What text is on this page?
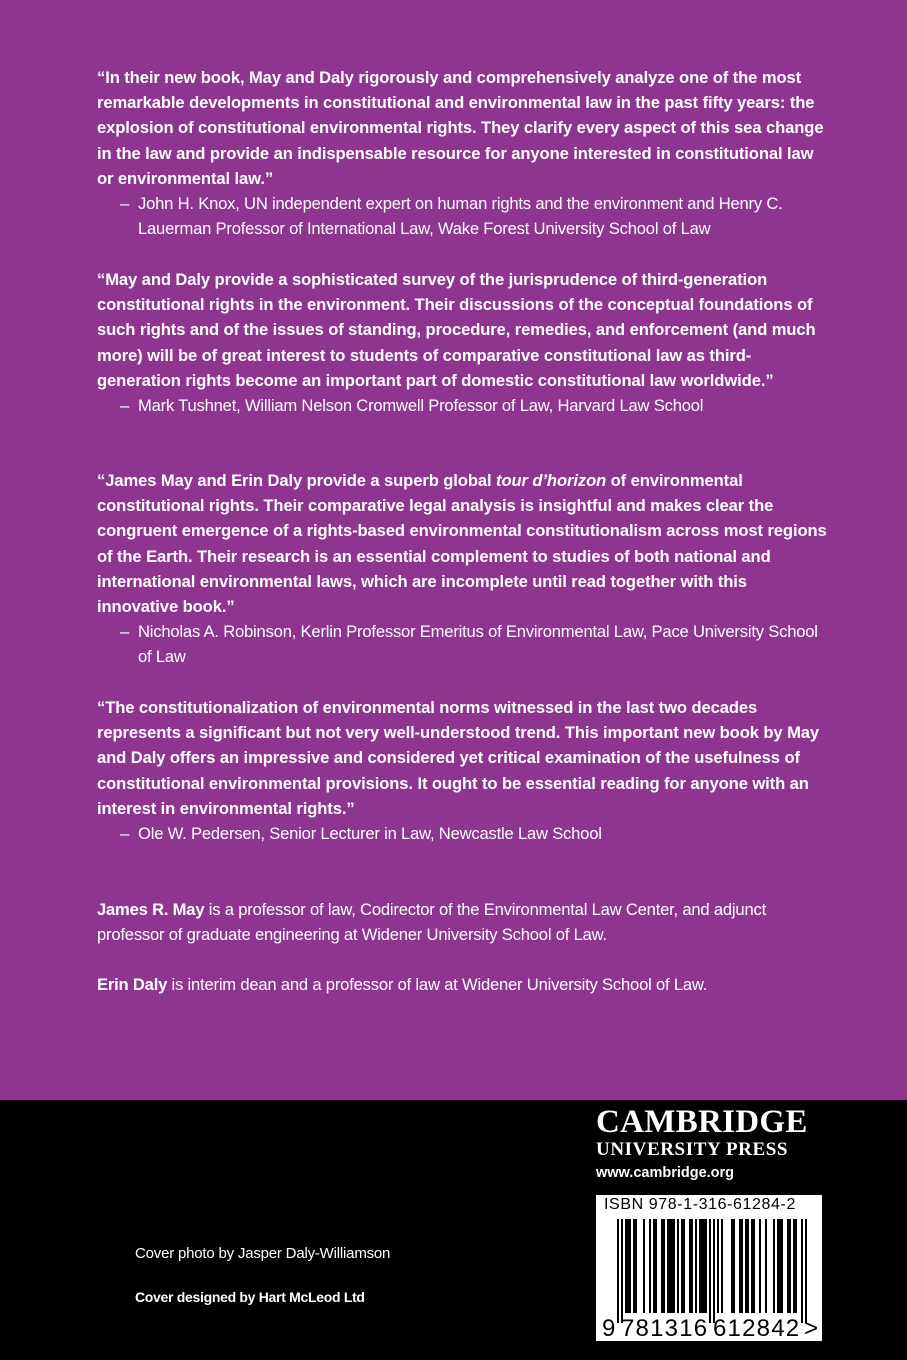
“In their new book, May and Daly rigorously and comprehensively analyze one of the most remarkable developments in constitutional and environmental law in the past fifty years: the explosion of constitutional environmental rights. They clarify every aspect of this sea change in the law and provide an indispensable resource for anyone interested in constitutional law or environmental law.”

– John H. Knox, UN independent expert on human rights and the environment and Henry C. Lauerman Professor of International Law, Wake Forest University School of Law

“May and Daly provide a sophisticated survey of the jurisprudence of third-generation constitutional rights in the environment. Their discussions of the conceptual foundations of such rights and of the issues of standing, procedure, remedies, and enforcement (and much more) will be of great interest to students of comparative constitutional law as third-generation rights become an important part of domestic constitutional law worldwide.”

– Mark Tushnet, William Nelson Cromwell Professor of Law, Harvard Law School

“James May and Erin Daly provide a superb global tour d’horizon of environmental constitutional rights. Their comparative legal analysis is insightful and makes clear the congruent emergence of a rights-based environmental constitutionalism across most regions of the Earth. Their research is an essential complement to studies of both national and international environmental laws, which are incomplete until read together with this innovative book.”

– Nicholas A. Robinson, Kerlin Professor Emeritus of Environmental Law, Pace University School of Law

“The constitutionalization of environmental norms witnessed in the last two decades represents a significant but not very well-understood trend. This important new book by May and Daly offers an impressive and considered yet critical examination of the usefulness of constitutional environmental provisions. It ought to be essential reading for anyone with an interest in environmental rights.”

– Ole W. Pedersen, Senior Lecturer in Law, Newcastle Law School

James R. May is a professor of law, Codirector of the Environmental Law Center, and adjunct professor of graduate engineering at Widener University School of Law.

Erin Daly is interim dean and a professor of law at Widener University School of Law.

CAMBRIDGE
UNIVERSITY PRESS
www.cambridge.org
9 781316 612842 >
ISBN 978-1-316-61284-2
Cover photo by Jasper Daly-Williamson
Cover designed by Hart McLeod Ltd
